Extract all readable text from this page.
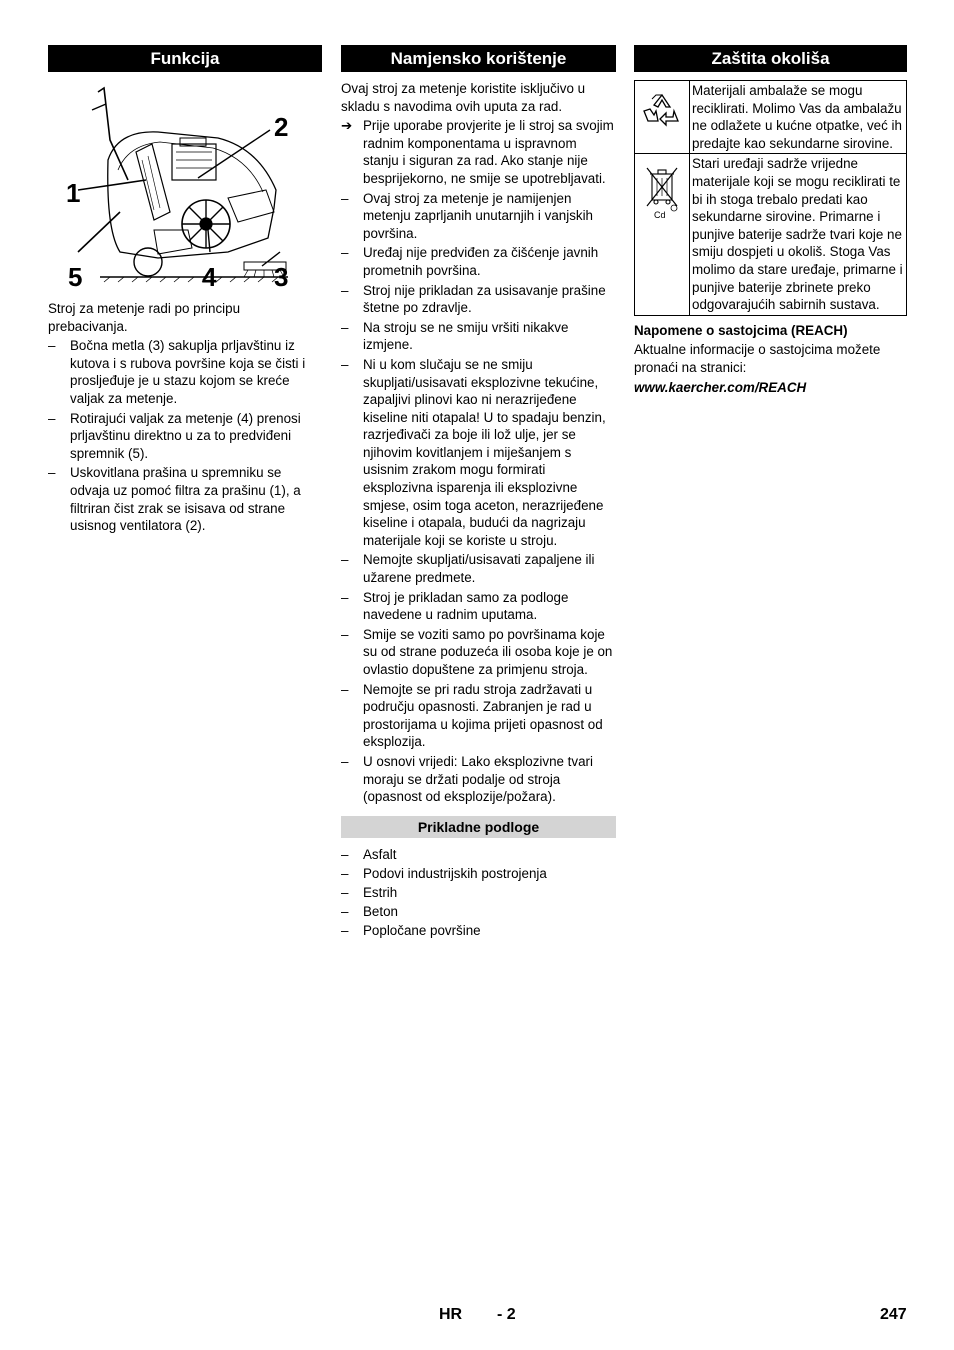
Funkcija
1
2
3
4
5

Stroj za metenje radi po principu prebacivanja.

– Bočna metla (3) sakuplja prljavštinu iz kutova i s rubova površine koja se čisti i prosljeđuje je u stazu kojom se kreće valjak za metenje.
– Rotirajući valjak za metenje (4) prenosi prljavštinu direktno u za to predviđeni spremnik (5).
– Uskovitlana prašina u spremniku se odvaja uz pomoć filtra za prašinu (1), a filtriran čist zrak se isisava od strane usisnog ventilatora (2).
Namjensko korištenje

Ovaj stroj za metenje koristite isključivo u skladu s navodima ovih uputa za rad.

➔ Prije uporabe provjerite je li stroj sa svojim radnim komponentama u ispravnom stanju i siguran za rad. Ako stanje nije besprijekorno, ne smije se upotrebljavati.
– Ovaj stroj za metenje je namijenjen metenju zaprljanih unutarnjih i vanjskih površina.
– Uređaj nije predviđen za čišćenje javnih prometnih površina.
– Stroj nije prikladan za usisavanje prašine štetne po zdravlje.
– Na stroju se ne smiju vršiti nikakve izmjene.
– Ni u kom slučaju se ne smiju skupljati/usisavati eksplozivne tekućine, zapaljivi plinovi kao ni nerazrijeđene kiseline niti otapala! U to spadaju benzin, razrjeđivači za boje ili lož ulje, jer se njihovim kovitlanjem i miješanjem s usisnim zrakom mogu formirati eksplozivna isparenja ili eksplozivne smjese, osim toga aceton, nerazrijeđene kiseline i otapala, budući da nagrizaju materijale koji se koriste u stroju.
– Nemojte skupljati/usisavati zapaljene ili užarene predmete.
– Stroj je prikladan samo za podloge navedene u radnim uputama.
– Smije se voziti samo po površinama koje su od strane poduzeća ili osoba koje je on ovlastio dopuštene za primjenu stroja.
– Nemojte se pri radu stroja zadržavati u području opasnosti. Zabranjen je rad u prostorijama u kojima prijeti opasnost od eksplozija.
– U osnovi vrijedi: Lako eksplozivne tvari moraju se držati podalje od stroja (opasnost od eksplozije/požara).
Prikladne podloge
– Asfalt
– Podovi industrijskih postrojenja
– Estrih
– Beton
– Popločane površine
Zaštita okoliša
	Materijali ambalaže se mogu reciklirati. Molimo Vas da ambalažu ne odlažete u kućne otpatke, već ih predajte kao sekundarne sirovine.

Cd	Stari uređaji sadrže vrijedne materijale koji se mogu reciklirati te bi ih stoga trebalo predati kao sekundarne sirovine. Primarne i punjive baterije sadrže tvari koje ne smiju dospjeti u okoliš. Stoga Vas molimo da stare uređaje, primarne i punjive baterije zbrinete preko odgovarajućih sabirnih sustava.

Napomene o sastojcima (REACH)

Aktualne informacije o sastojcima možete pronaći na stranici:

www.kaercher.com/REACH

HR - 2	247
